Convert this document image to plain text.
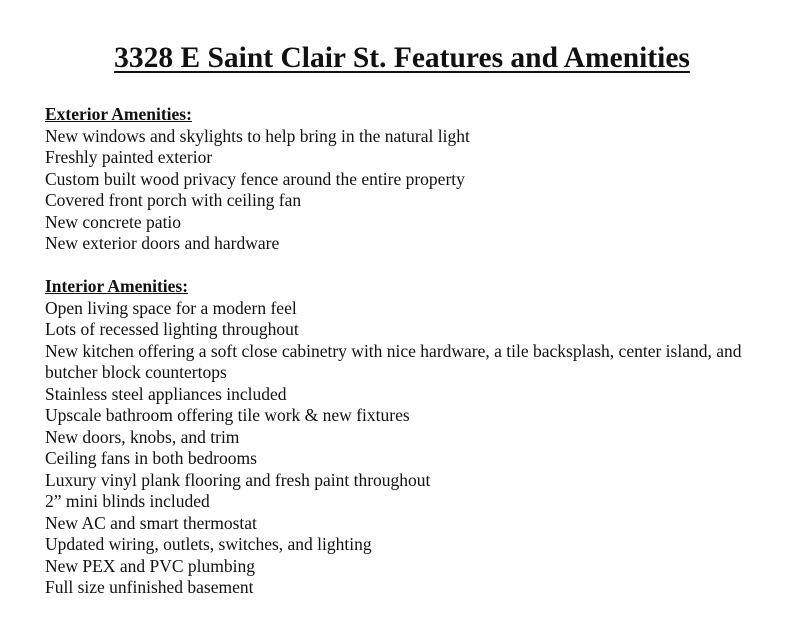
3328 E Saint Clair St. Features and Amenities

Exterior Amenities:

New windows and skylights to help bring in the natural light
Freshly painted exterior
Custom built wood privacy fence around the entire property
Covered front porch with ceiling fan
New concrete patio
New exterior doors and hardware

Interior Amenities:

Open living space for a modern feel
Lots of recessed lighting throughout
New kitchen offering a soft close cabinetry with nice hardware, a tile backsplash, center island, and butcher block countertops
Stainless steel appliances included
Upscale bathroom offering tile work & new fixtures
New doors, knobs, and trim
Ceiling fans in both bedrooms
Luxury vinyl plank flooring and fresh paint throughout
2” mini blinds included
New AC and smart thermostat
Updated wiring, outlets, switches, and lighting
New PEX and PVC plumbing
Full size unfinished basement
